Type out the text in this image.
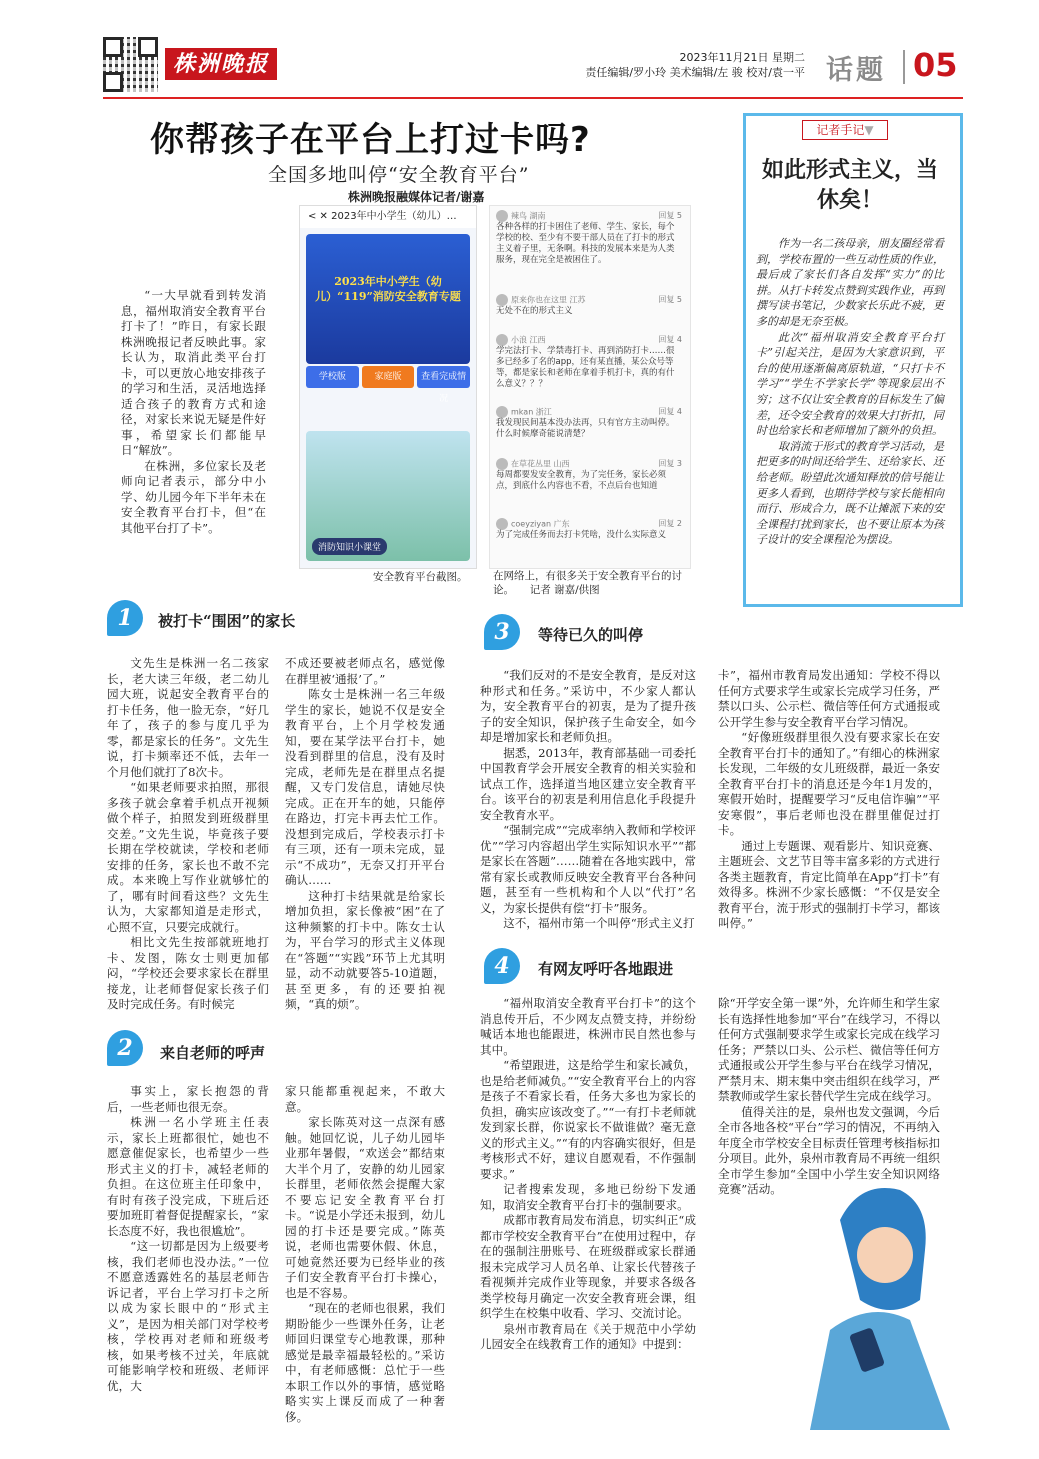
株洲晚报	2023年11月21日 星期二
责任编辑/罗小玲 美术编辑/左 骏 校对/袁一平 话题 05
你帮孩子在平台上打过卡吗?
全国多地叫停“安全教育平台”
株洲晚报融媒体记者/谢嘉

“一大早就看到转发消息，福州取消安全教育平台打卡了！”昨日，有家长跟株洲晚报记者反映此事。家长认为，取消此类平台打卡，可以更放心地安排孩子的学习和生活，灵活地选择适合孩子的教育方式和途径，对家长来说无疑是件好事，希望家长们都能早日“解放”。

在株洲，多位家长及老师向记者表示，部分中小学、幼儿园今年下半年未在安全教育平台打卡，但“在其他平台打了卡”。

< ✕ 2023年中小学生（幼儿）…
2023年中小学生（幼儿）“119”消防安全教育专题
学校版	家庭版	查看完成情况
消防知识小课堂
辣鸟 湖南	回复 5
各种各样的打卡困住了老师、学生、家长，每个学校的校、至少有不要干部人员在了打卡的形式主义着子里，无条啊。科技的发展本来是为人类服务，现在完全是被困住了。
原来你也在这里 江苏	回复 5
无处不在的形式主义
小浪 江西	回复 4
学完法打卡、学禁毒打卡、再到消防打卡……很多已经多了名的app，还有某直播，某公众号等等，都是家长和老师在拿着手机打卡，真的有什么意义？？？
mkan 浙江	回复 4
我发现民间基本没办法再，只有官方主动叫停。什么时候摩奇能说清楚？
在草花丛里 山西	回复 3
每周都要发安全教育，为了完任务，家长必须点，到底什么内容也不看，不点后台也知道
coeyziyan 广东	回复 2
为了完成任务而去打卡凭啥，没什么实际意义
安全教育平台截图。 在网络上，有很多关于安全教育平台的讨论。　　记者 谢嘉/供图
记者手记▼
如此形式主义，当休矣！

作为一名二孩母亲，朋友圈经常看到，学校布置的一些互动性质的作业，最后成了家长们各自发挥“实力”的比拼。从打卡转发点赞到实践作业，再到撰写读书笔记，少数家长乐此不疲，更多的却是无奈至极。

此次“福州取消安全教育平台打卡”引起关注，是因为大家意识到，平台的使用逐渐偏离原轨道，“只打卡不学习”“学生不学家长学”等现象层出不穷；这不仅让安全教育的目标发生了偏差，还令安全教育的效果大打折扣，同时也给家长和老师增加了额外的负担。

取消流于形式的教育学习活动，是把更多的时间还给学生、还给家长、还给老师。盼望此次通知释放的信号能让更多人看到，也期待学校与家长能相向而行、形成合力，既不让摊派下来的安全课程打扰到家长，也不要让原本为孩子设计的安全课程沦为摆设。

1	被打卡“围困”的家长

文先生是株洲一名二孩家长，老大读三年级，老二幼儿园大班，说起安全教育平台的打卡任务，他一脸无奈，“好几年了，孩子的参与度几乎为零，都是家长的任务”。文先生说，打卡频率还不低，去年一个月他们就打了8次卡。

“如果老师要求拍照，那很多孩子就会拿着手机点开视频做个样子，拍照发到班级群里交差。”文先生说，毕竟孩子要长期在学校就读，学校和老师安排的任务，家长也不敢不完成。本来晚上写作业就够忙的了，哪有时间看这些？文先生认为，大家都知道是走形式，心照不宣，只要完成就行。

相比文先生按部就班地打卡、发图，陈女士则更加郁闷，“学校还会要求家长在群里接龙，让老师督促家长孩子们及时完成任务。有时候完

不成还要被老师点名，感觉像在群里被‘通报’了。”

陈女士是株洲一名三年级学生的家长，她说不仅是安全教育平台，上个月学校发通知，要在某学法平台打卡，她没看到群里的信息，没有及时完成，老师先是在群里点名提醒，又专门发信息，请她尽快完成。正在开车的她，只能停在路边，打完卡再去忙工作。没想到完成后，学校表示打卡有三项，还有一项未完成，显示“不成功”，无奈又打开平台确认……

这种打卡结果就是给家长增加负担，家长像被“困”在了这种频繁的打卡中。陈女士认为，平台学习的形式主义体现在“答题”“实践”环节上尤其明显，动不动就要答5-10道题，甚至更多，有的还要拍视频，“真的烦”。

2	来自老师的呼声

事实上，家长抱怨的背后，一些老师也很无奈。

株洲一名小学班主任表示，家长上班都很忙，她也不愿意催促家长，也希望少一些形式主义的打卡，减轻老师的负担。在这位班主任印象中，有时有孩子没完成，下班后还要加班盯着督促提醒家长，“家长态度不好，我也很尴尬”。

“这一切都是因为上级要考核，我们老师也没办法。”一位不愿意透露姓名的基层老师告诉记者，平台上学习打卡之所以成为家长眼中的“形式主义”，是因为相关部门对学校考核，学校再对老师和班级考核，如果考核不过关，年底就可能影响学校和班级、老师评优，大

家只能都重视起来，不敢大意。

家长陈英对这一点深有感触。她回忆说，儿子幼儿园毕业那年暑假，“欢送会”都结束大半个月了，安静的幼儿园家长群里，老师依然会提醒大家不要忘记安全教育平台打卡。“说是小学还未报到，幼儿园的打卡还是要完成。”陈英说，老师也需要休假、休息，可她竟然还要为已经毕业的孩子们安全教育平台打卡操心，也是不容易。

“现在的老师也很累，我们期盼能少一些课外任务，让老师回归课堂专心地教课，那种感觉是最幸福最轻松的。”采访中，有老师感慨：总忙于一些本职工作以外的事情，感觉略略实实上课反而成了一种奢侈。

3	等待已久的叫停

“我们反对的不是安全教育，是反对这种形式和任务。”采访中，不少家人都认为，安全教育平台的初衷，是为了提升孩子的安全知识，保护孩子生命安全，如今却是增加家长和老师负担。

据悉，2013年，教育部基础一司委托中国教育学会开展安全教育的相关实验和试点工作，选择道当地区建立安全教育平台。该平台的初衷是利用信息化手段提升安全教育水平。

“强制完成”“完成率纳入教师和学校评优”“学习内容超出学生实际知识水平”“都是家长在答题”……随着在各地实践中，常常有家长或教师反映安全教育平台各种问题，甚至有一些机构和个人以“代打”名义，为家长提供有偿“打卡”服务。

这不，福州市第一个叫停“形式主义打

卡”，福州市教育局发出通知：学校不得以任何方式要求学生或家长完成学习任务，严禁以口头、公示栏、微信等任何方式通报或公开学生参与安全教育平台学习情况。

“好像班级群里很久没有要求家长在安全教育平台打卡的通知了。”有细心的株洲家长发现，二年级的女儿班级群，最近一条安全教育平台打卡的消息还是今年1月发的，寒假开始时，提醒要学习“反电信诈骗”“平安寒假”，事后老师也没在群里催促过打卡。

通过上专题课、观看影片、知识竞赛、主题班会、文艺节目等丰富多彩的方式进行各类主题教育，肯定比简单在App“打卡”有效得多。株洲不少家长感慨：“不仅是安全教育平台，流于形式的强制打卡学习，都该叫停。”

4	有网友呼吁各地跟进

“福州取消安全教育平台打卡”的这个消息传开后，不少网友点赞支持，并纷纷喊话本地也能跟进，株洲市民自然也参与其中。

“希望跟进，这是给学生和家长减负，也是给老师减负。”“安全教育平台上的内容是孩子不看家长看，任务大多也为家长的负担，确实应该改变了。”“一有打卡老师就发到家长群，你说家长不做谁做？毫无意义的形式主义。”“有的内容确实很好，但是考核形式不好，建议自愿观看，不作强制要求。”

记者搜索发现，多地已纷纷下发通知，取消安全教育平台打卡的强制要求。

成都市教育局发布消息，切实纠正“成都市学校安全教育平台”在使用过程中，存在的强制注册账号、在班级群或家长群通报未完成学习人员名单、让家长代替孩子看视频并完成作业等现象，并要求各级各类学校每月确定一次安全教育班会课，组织学生在校集中收看、学习、交流讨论。

泉州市教育局在《关于规范中小学幼儿园安全在线教育工作的通知》中提到：

除“开学安全第一课”外，允许师生和学生家长有选择性地参加“平台”在线学习，不得以任何方式强制要求学生或家长完成在线学习任务；严禁以口头、公示栏、微信等任何方式通报或公开学生参与平台在线学习情况，严禁月末、期末集中突击组织在线学习，严禁教师或学生家长替代学生完成在线学习。

值得关注的是，泉州也发文强调，今后全市各地各校“平台”学习的情况，不再纳入年度全市学校安全目标责任管理考核指标扣分项目。此外，泉州市教育局不再统一组织全市学生参加“全国中小学生安全知识网络竞赛”活动。
